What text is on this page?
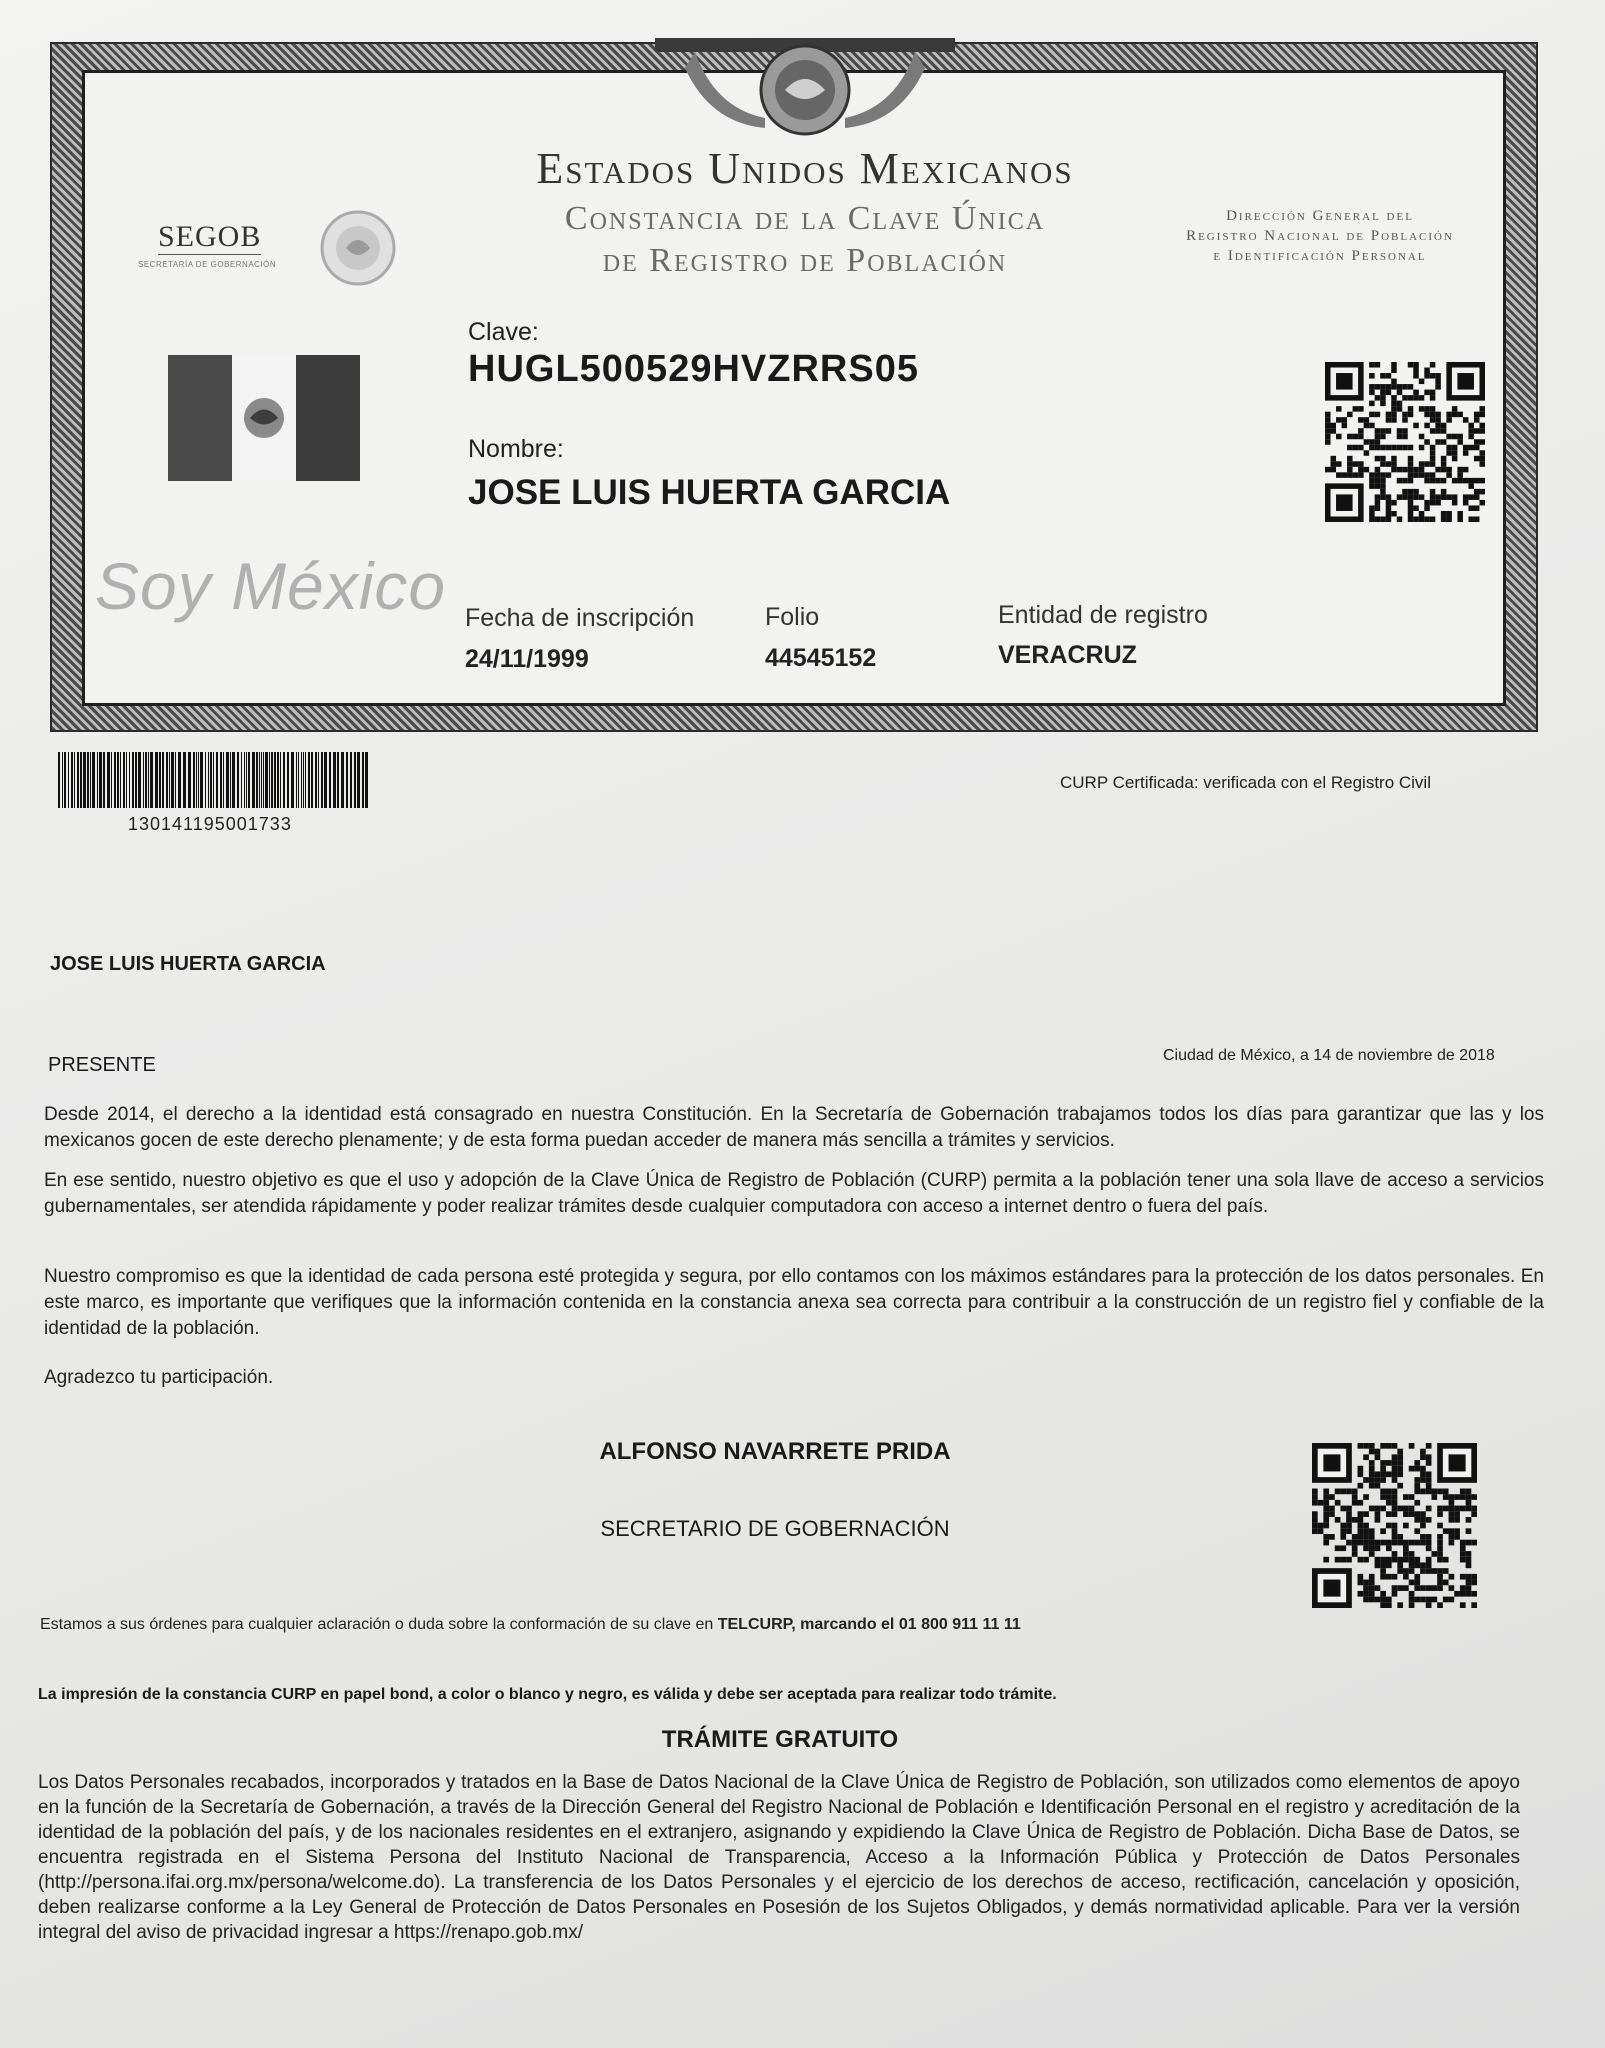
Estados Unidos Mexicanos
Constancia de la Clave Única
de Registro de Población
Dirección General del
Registro Nacional de Población
e Identificación Personal
SEGOB
SECRETARÍA DE GOBERNACIÓN
Soy México
Clave:
HUGL500529HVZRRS05
Nombre:
JOSE LUIS HUERTA GARCIA
Fecha de inscripción
24/11/1999
Folio
44545152
Entidad de registro
VERACRUZ
130141195001733
CURP Certificada: verificada con el Registro Civil
JOSE LUIS HUERTA GARCIA
PRESENTE	Ciudad de México, a 14 de noviembre de 2018
Desde 2014, el derecho a la identidad está consagrado en nuestra Constitución. En la Secretaría de Gobernación trabajamos todos los días para garantizar que las y los mexicanos gocen de este derecho plenamente; y de esta forma puedan acceder de manera más sencilla a trámites y servicios.
En ese sentido, nuestro objetivo es que el uso y adopción de la Clave Única de Registro de Población (CURP) permita a la población tener una sola llave de acceso a servicios gubernamentales, ser atendida rápidamente y poder realizar trámites desde cualquier computadora con acceso a internet dentro o fuera del país.
Nuestro compromiso es que la identidad de cada persona esté protegida y segura, por ello contamos con los máximos estándares para la protección de los datos personales. En este marco, es importante que verifiques que la información contenida en la constancia anexa sea correcta para contribuir a la construcción de un registro fiel y confiable de la identidad de la población.
Agradezco tu participación.
ALFONSO NAVARRETE PRIDA
SECRETARIO DE GOBERNACIÓN
Estamos a sus órdenes para cualquier aclaración o duda sobre la conformación de su clave en TELCURP, marcando el 01 800 911 11 11
La impresión de la constancia CURP en papel bond, a color o blanco y negro, es válida y debe ser aceptada para realizar todo trámite.
TRÁMITE GRATUITO
Los Datos Personales recabados, incorporados y tratados en la Base de Datos Nacional de la Clave Única de Registro de Población, son utilizados como elementos de apoyo en la función de la Secretaría de Gobernación, a través de la Dirección General del Registro Nacional de Población e Identificación Personal en el registro y acreditación de la identidad de la población del país, y de los nacionales residentes en el extranjero, asignando y expidiendo la Clave Única de Registro de Población. Dicha Base de Datos, se encuentra registrada en el Sistema Persona del Instituto Nacional de Transparencia, Acceso a la Información Pública y Protección de Datos Personales (http://persona.ifai.org.mx/persona/welcome.do). La transferencia de los Datos Personales y el ejercicio de los derechos de acceso, rectificación, cancelación y oposición, deben realizarse conforme a la Ley General de Protección de Datos Personales en Posesión de los Sujetos Obligados, y demás normatividad aplicable. Para ver la versión integral del aviso de privacidad ingresar a https://renapo.gob.mx/
